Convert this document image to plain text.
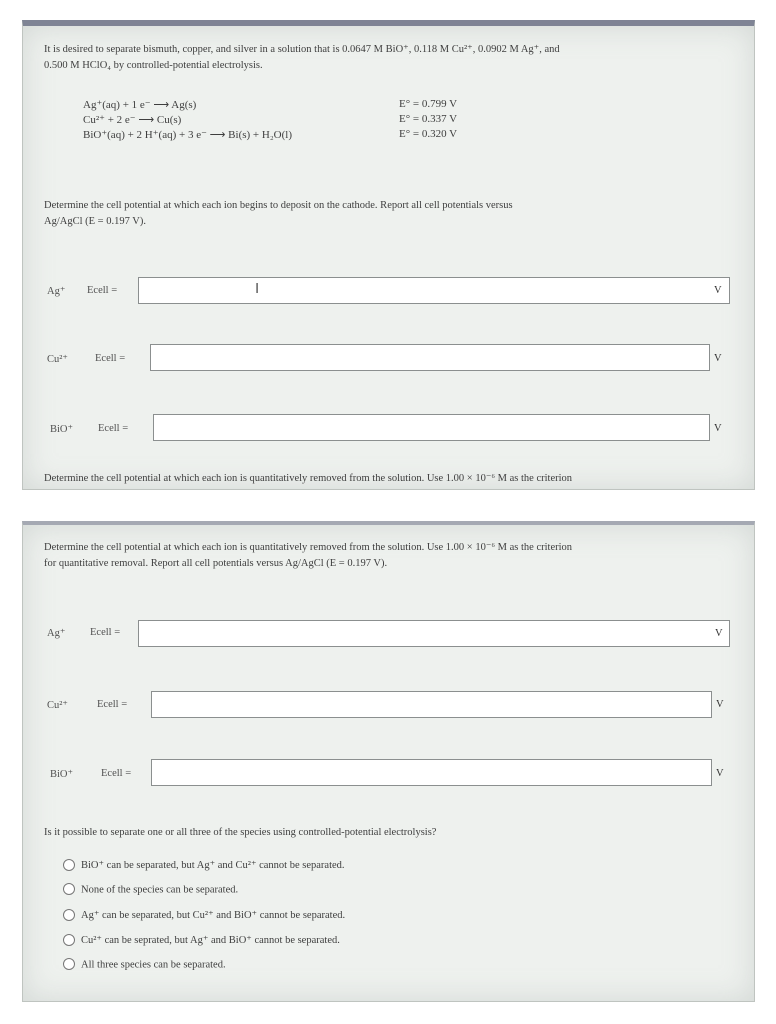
It is desired to separate bismuth, copper, and silver in a solution that is 0.0647 M BiO⁺, 0.118 M Cu²⁺, 0.0902 M Ag⁺, and
0.500 M HClO₄ by controlled-potential electrolysis.
Ag⁺(aq) + 1 e⁻ ⟶ Ag(s)	E° = 0.799 V
Cu²⁺ + 2 e⁻ ⟶ Cu(s)	E° = 0.337 V
BiO⁺(aq) + 2 H⁺(aq) + 3 e⁻ ⟶ Bi(s) + H₂O(l)	E° = 0.320 V
Determine the cell potential at which each ion begins to deposit on the cathode. Report all cell potentials versus
Ag/AgCl (E = 0.197 V).
Ag⁺ Ecell =	I	V
Cu²⁺	Ecell =	V
BiO⁺ Ecell =	V
Determine the cell potential at which each ion is quantitatively removed from the solution. Use 1.00 × 10⁻⁶ M as the criterion
Determine the cell potential at which each ion is quantitatively removed from the solution. Use 1.00 × 10⁻⁶ M as the criterion
for quantitative removal. Report all cell potentials versus Ag/AgCl (E = 0.197 V).
Ag⁺ Ecell =	V
Cu²⁺	Ecell =	V
BiO⁺	Ecell =	V
Is it possible to separate one or all three of the species using controlled-potential electrolysis?
BiO⁺ can be separated, but Ag⁺ and Cu²⁺ cannot be separated.
None of the species can be separated.
Ag⁺ can be separated, but Cu²⁺ and BiO⁺ cannot be separated.
Cu²⁺ can be seprated, but Ag⁺ and BiO⁺ cannot be separated.
All three species can be separated.
